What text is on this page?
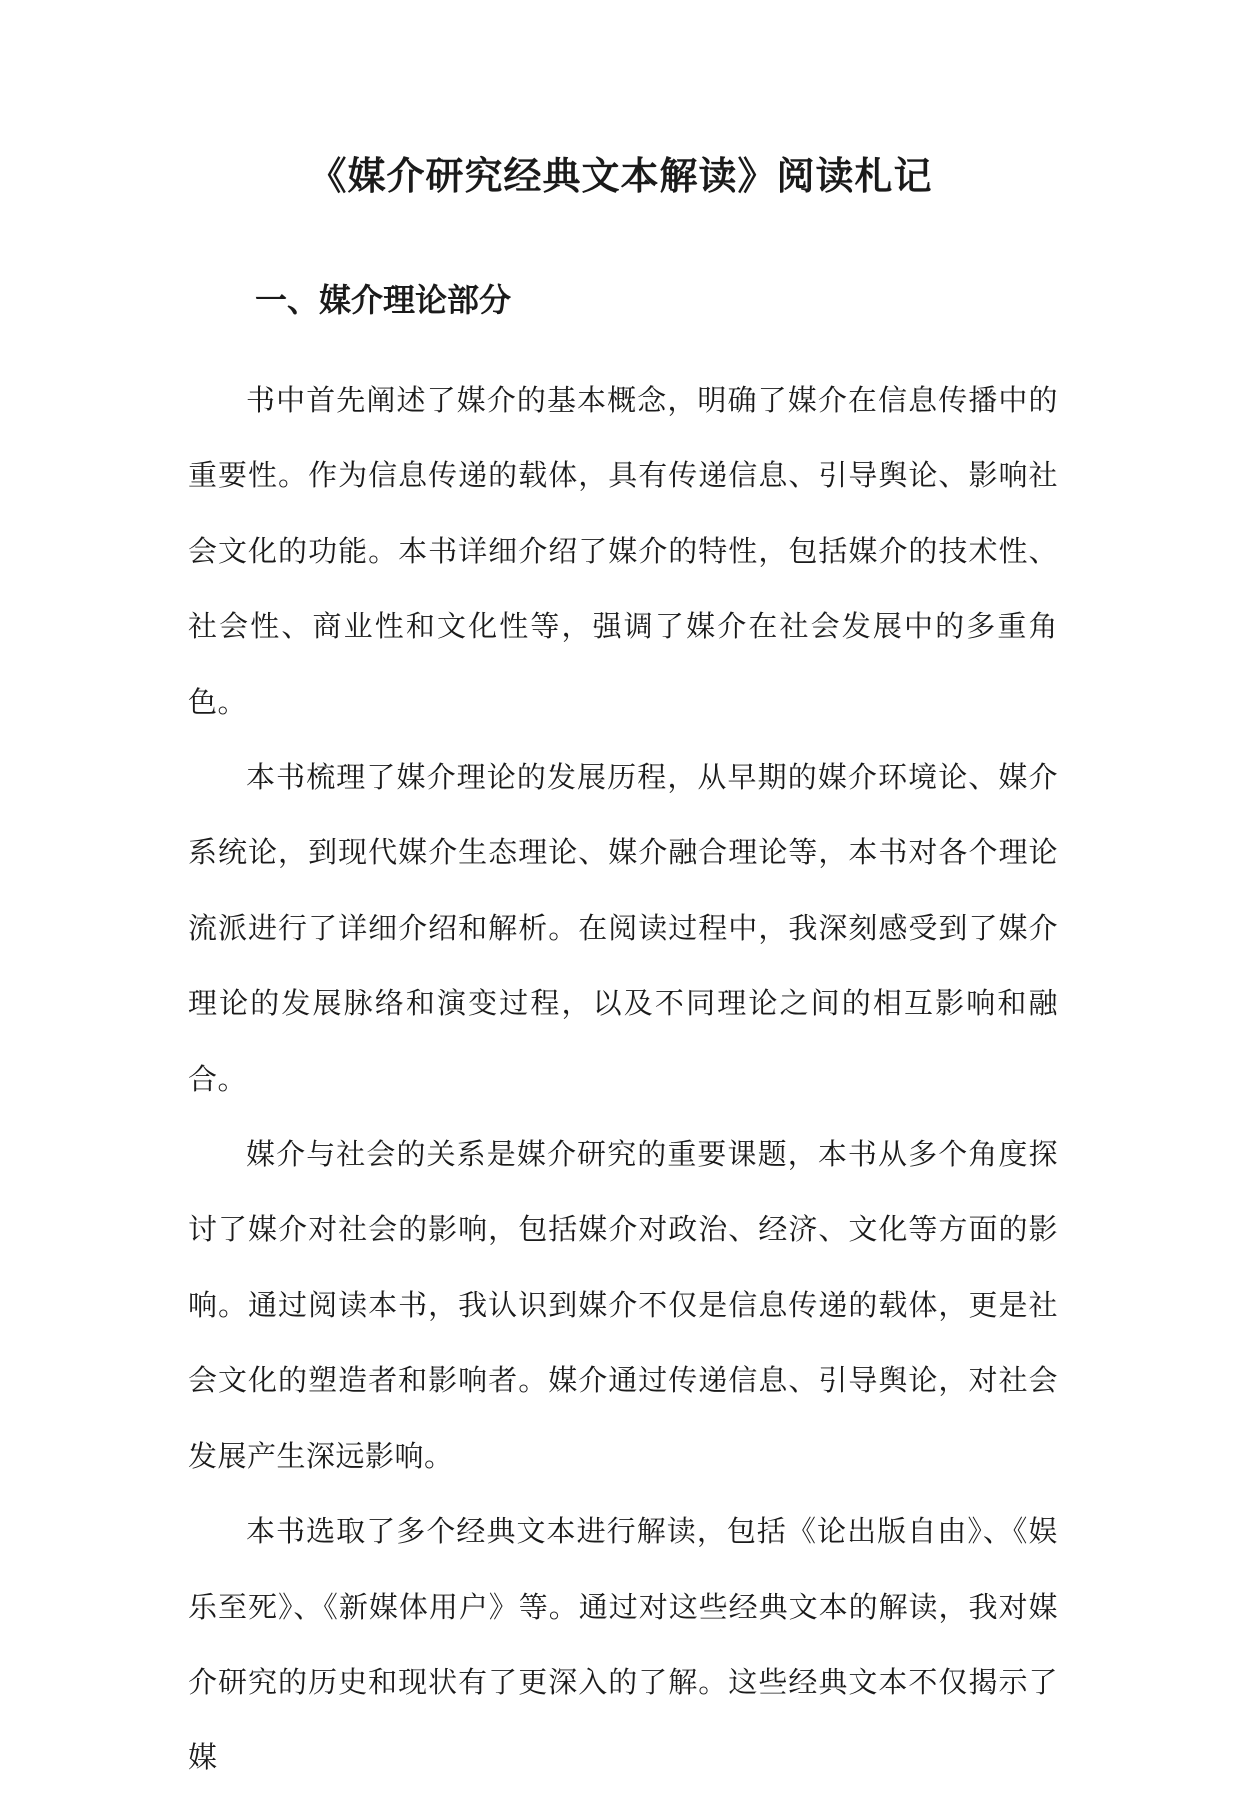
《媒介研究经典文本解读》阅读札记
一、媒介理论部分

书中首先阐述了媒介的基本概念，明确了媒介在信息传播中的重要性。作为信息传递的载体，具有传递信息、引导舆论、影响社会文化的功能。本书详细介绍了媒介的特性，包括媒介的技术性、社会性、商业性和文化性等，强调了媒介在社会发展中的多重角色。

本书梳理了媒介理论的发展历程，从早期的媒介环境论、媒介系统论，到现代媒介生态理论、媒介融合理论等，本书对各个理论流派进行了详细介绍和解析。在阅读过程中，我深刻感受到了媒介理论的发展脉络和演变过程，以及不同理论之间的相互影响和融合。

媒介与社会的关系是媒介研究的重要课题，本书从多个角度探讨了媒介对社会的影响，包括媒介对政治、经济、文化等方面的影响。通过阅读本书，我认识到媒介不仅是信息传递的载体，更是社会文化的塑造者和影响者。媒介通过传递信息、引导舆论，对社会发展产生深远影响。

本书选取了多个经典文本进行解读，包括《论出版自由》、《娱乐至死》、《新媒体用户》等。通过对这些经典文本的解读，我对媒介研究的历史和现状有了更深入的了解。这些经典文本不仅揭示了媒
